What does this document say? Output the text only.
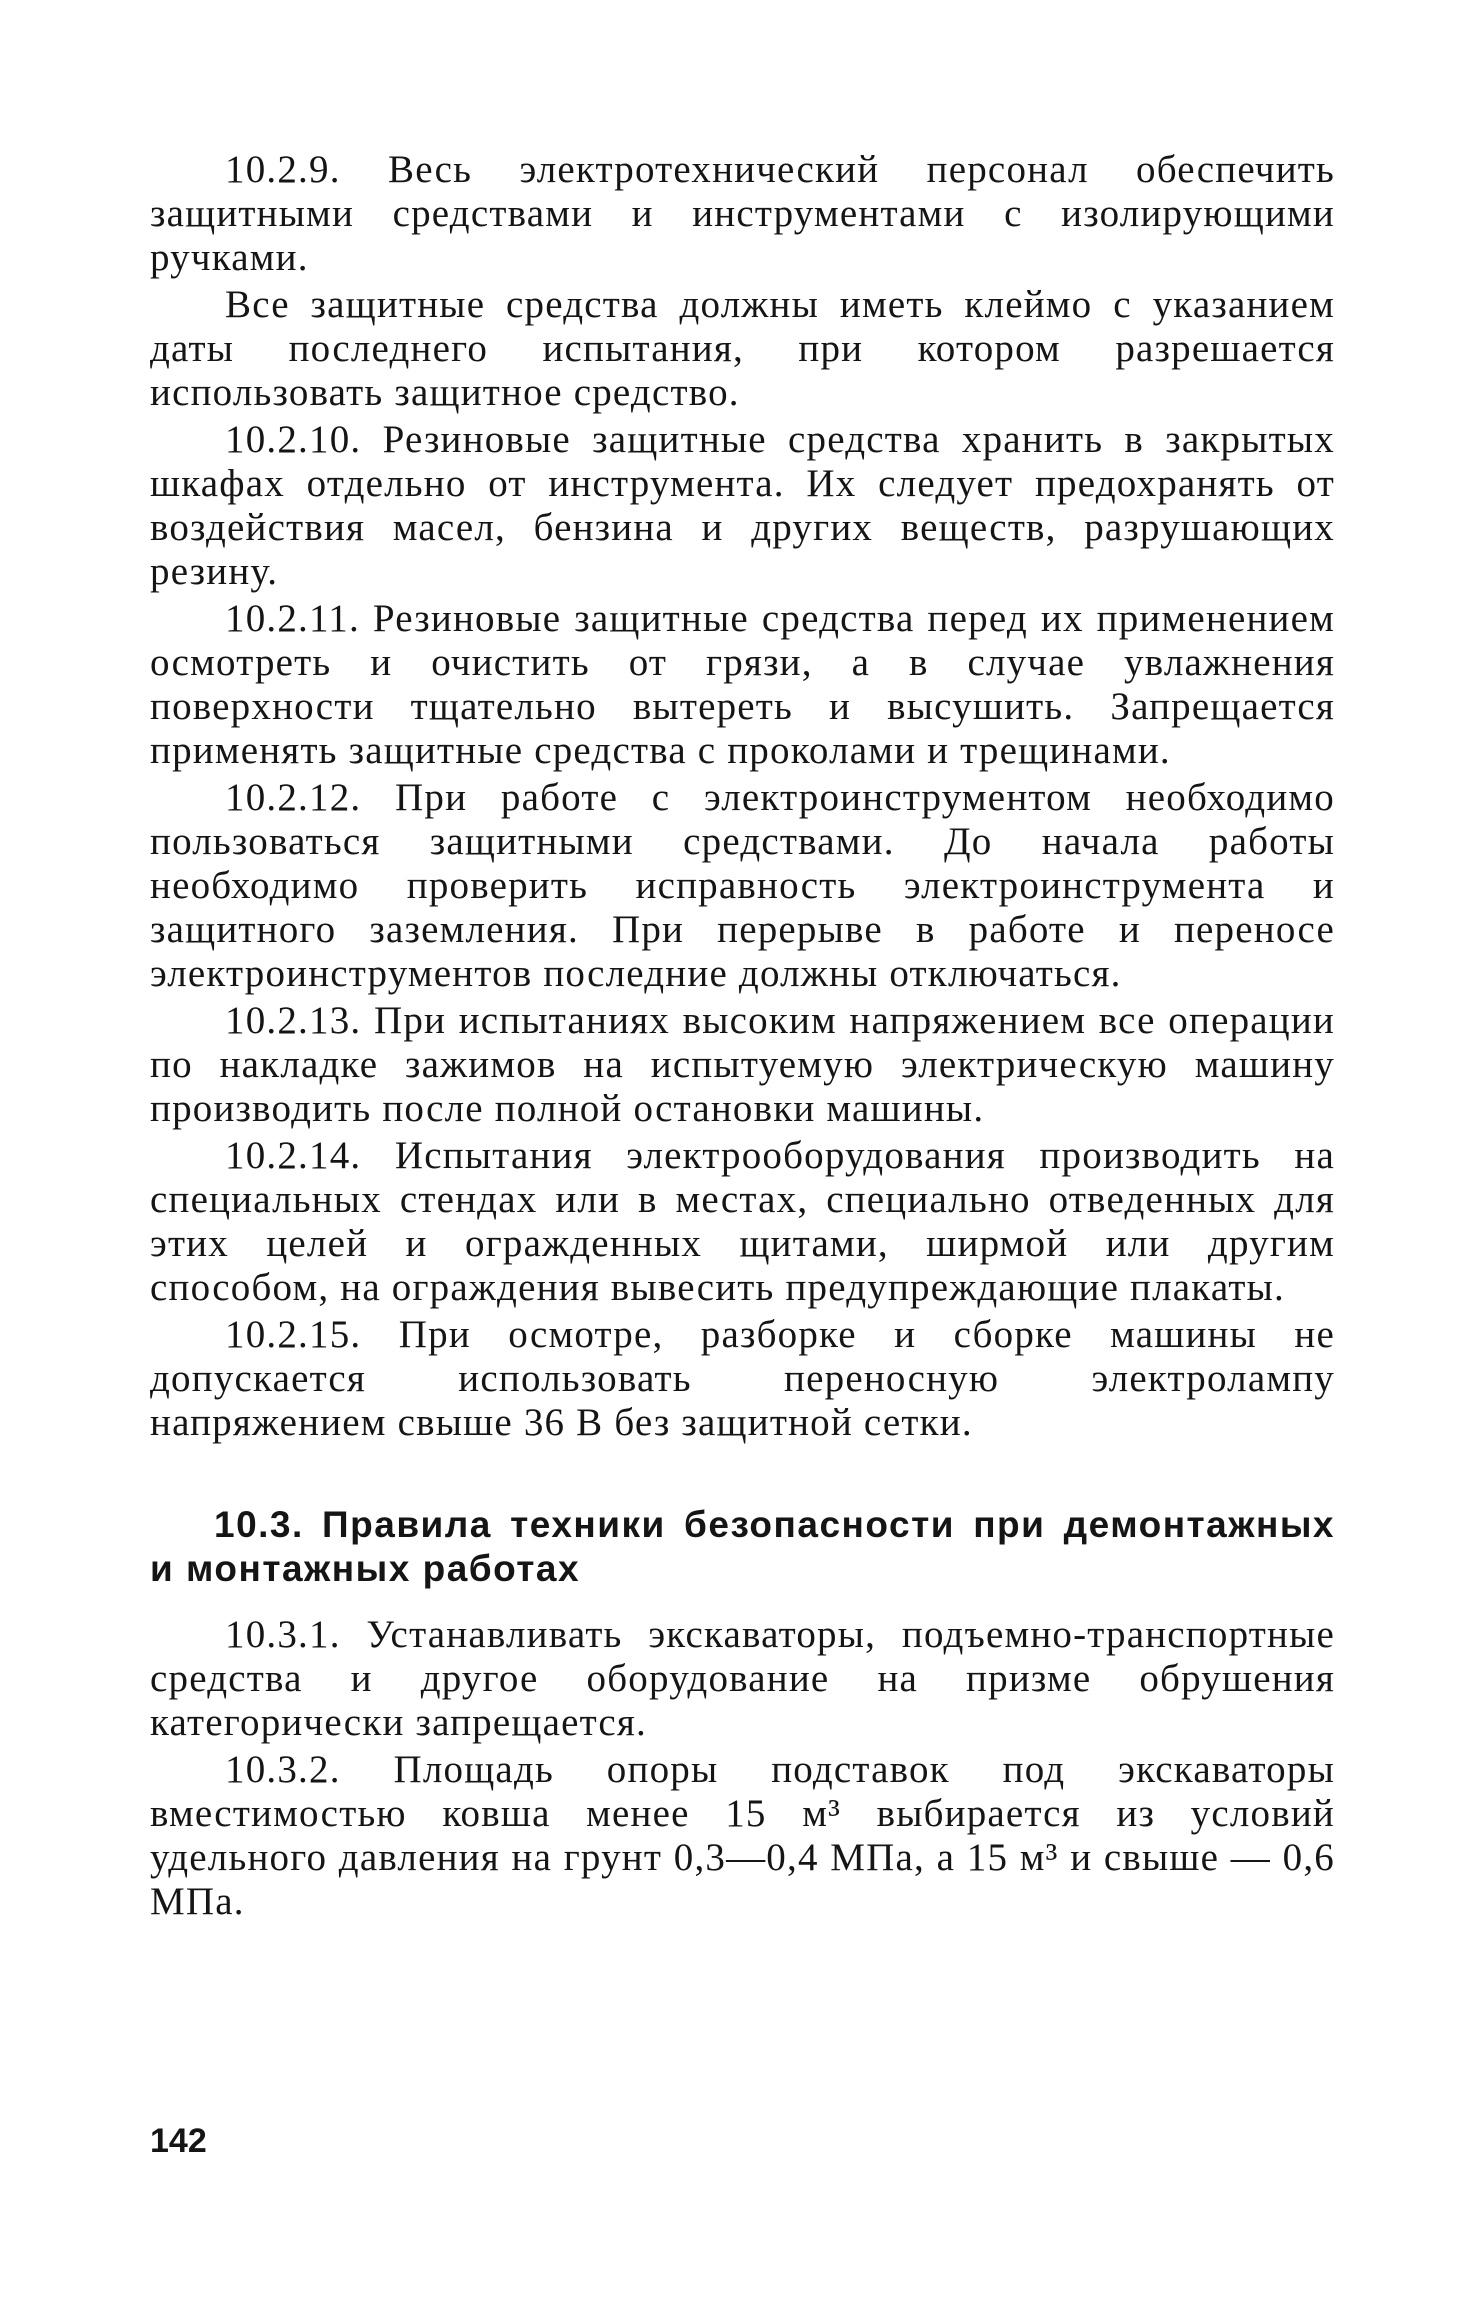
10.2.9. Весь электротехнический персонал обеспечить защитными средствами и инструментами с изолирующими ручками.

Все защитные средства должны иметь клеймо с указанием даты последнего испытания, при котором разрешается использовать защитное средство.

10.2.10. Резиновые защитные средства хранить в закрытых шкафах отдельно от инструмента. Их следует предохранять от воздействия масел, бензина и других веществ, разрушающих резину.

10.2.11. Резиновые защитные средства перед их применением осмотреть и очистить от грязи, а в случае увлажнения поверхности тщательно вытереть и высушить. Запрещается применять защитные средства с проколами и трещинами.

10.2.12. При работе с электроинструментом необходимо пользоваться защитными средствами. До начала работы необходимо проверить исправность электроинструмента и защитного заземления. При перерыве в работе и переносе электроинструментов последние должны отключаться.

10.2.13. При испытаниях высоким напряжением все операции по накладке зажимов на испытуемую электрическую машину производить после полной остановки машины.

10.2.14. Испытания электрооборудования производить на специальных стендах или в местах, специально отведенных для этих целей и огражденных щитами, ширмой или другим способом, на ограждения вывесить предупреждающие плакаты.

10.2.15. При осмотре, разборке и сборке машины не допускается использовать переносную электролампу напряжением свыше 36 В без защитной сетки.

10.3. Правила техники безопасности при демонтажных и монтажных работах

10.3.1. Устанавливать экскаваторы, подъемно-транспортные средства и другое оборудование на призме обрушения категорически запрещается.

10.3.2. Площадь опоры подставок под экскаваторы вместимостью ковша менее 15 м³ выбирается из условий удельного давления на грунт 0,3—0,4 МПа, а 15 м³ и свыше — 0,6 МПа.

142
